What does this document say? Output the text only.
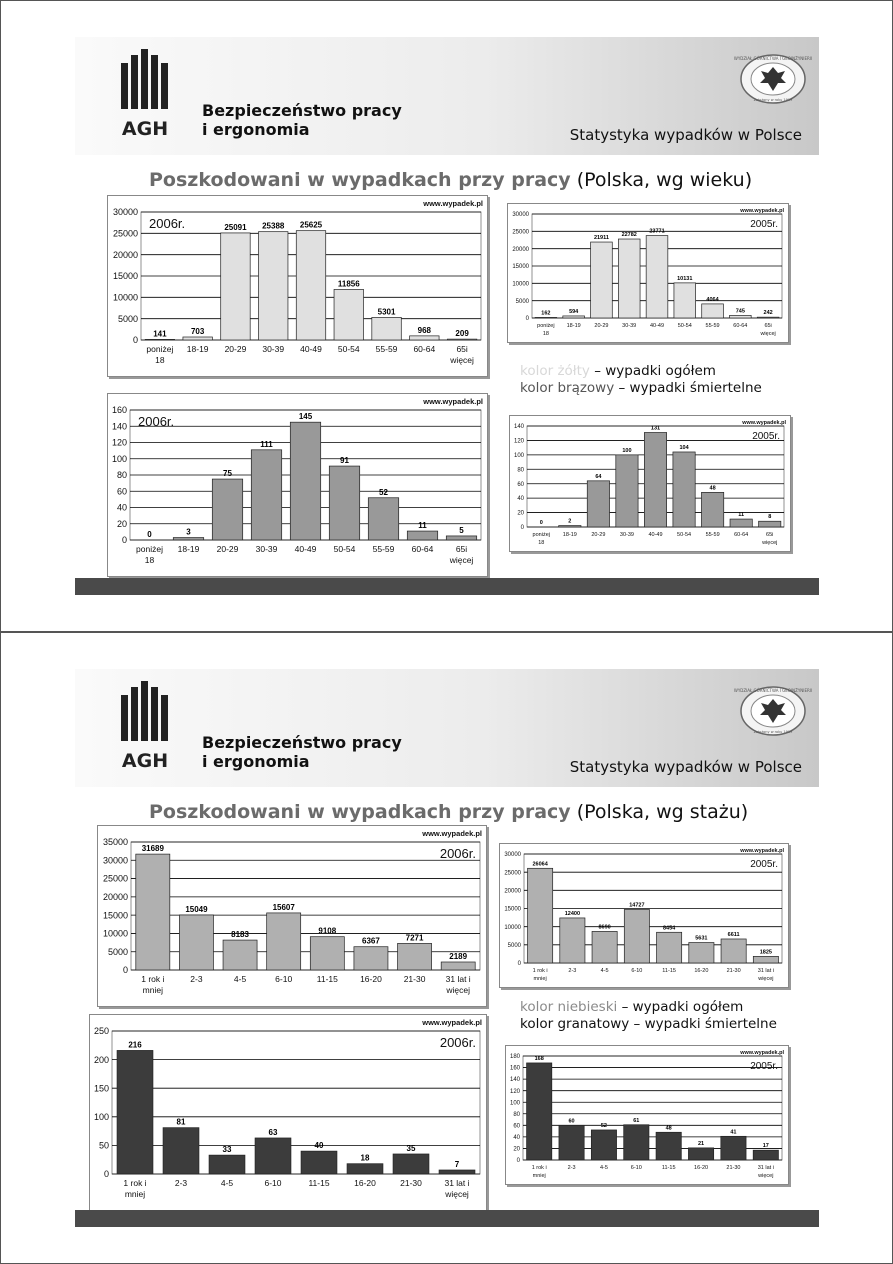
AGH
Bezpieczeństwo pracy
i ergonomia	Statystyka wypadków w Polsce
WYDZIAŁ GÓRNICTWA I GEOINŻYNIERII
Założony w roku 1919
Poszkodowani w wypadkach przy pracy (Polska, wg wieku)
0
5000
10000
15000
20000
25000
30000
www.wypadek.pl
2006r.
141
poniżej
18
703
18-19
25091
20-29
25388
30-39
25625
40-49
11856
50-54
5301
55-59
968
60-64
209
65i
więcej
0
5000
10000
15000
20000
25000
30000
www.wypadek.pl
2005r.
162
poniżej
18
594
18-19
21911
20-29
22782
30-39
23771
40-49
10131
50-54
4064
55-59
745
60-64
242
65i
więcej
kolor żółty – wypadki ogółem
kolor brązowy – wypadki śmiertelne
0
20
40
60
80
100
120
140
160
www.wypadek.pl
2006r.
0
poniżej
18
3
18-19
75
20-29
111
30-39
145
40-49
91
50-54
52
55-59
11
60-64
5
65i
więcej
0
20
40
60
80
100
120
140
www.wypadek.pl
2005r.
0
poniżej
18
2
18-19
64
20-29
100
30-39
131
40-49
104
50-54
48
55-59
11
60-64
8
65i
więcej
AGH
Bezpieczeństwo pracy
i ergonomia	Statystyka wypadków w Polsce
WYDZIAŁ GÓRNICTWA I GEOINŻYNIERII
Założony w roku 1919
Poszkodowani w wypadkach przy pracy (Polska, wg stażu)
0
5000
10000
15000
20000
25000
30000
35000
www.wypadek.pl
2006r.
31689
1 rok i
mniej
15049
2-3
8183
4-5
15607
6-10
9108
11-15
6367
16-20
7271
21-30
2189
31 lat i
więcej
0
5000
10000
15000
20000
25000
30000
www.wypadek.pl
2005r.
26064
1 rok i
mniej
12400
2-3
8690
4-5
14727
6-10
8454
11-15
5631
16-20
6611
21-30
1825
31 lat i
więcej
kolor niebieski – wypadki ogółem
kolor granatowy – wypadki śmiertelne
0
50
100
150
200
250
www.wypadek.pl
2006r.
216
1 rok i
mniej
81
2-3
33
4-5
63
6-10
40
11-15
18
16-20
35
21-30
7
31 lat i
więcej
0
20
40
60
80
100
120
140
160
180
www.wypadek.pl
2005r.
168
1 rok i
mniej
60
2-3
52
4-5
61
6-10
48
11-15
21
16-20
41
21-30
17
31 lat i
więcej
